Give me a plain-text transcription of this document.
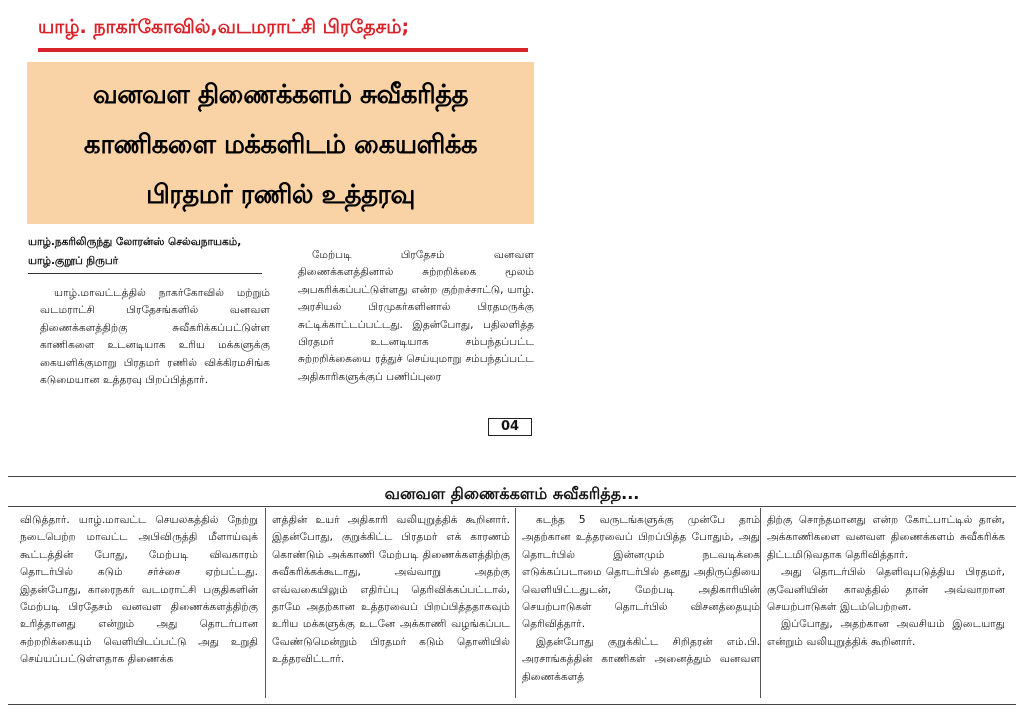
யாழ். நாகர்கோவில்,வடமராட்சி பிரதேசம்;
வனவள திணைக்களம் சுவீகரித்த
காணிகளை மக்களிடம் கையளிக்க
பிரதமர் ரணில் உத்தரவு
யாழ்.நகரிலிருந்து லோரன்ஸ் செல்வநாயகம், யாழ்.குறூப் நிருபர்
யாழ்.மாவட்டத்தில் நாகர்கோவில் மற்றும் வடமராட்சி பிரதேசங்களில் வனவள திணைக்களத்திற்கு சுவீகரிக்கப்பட்டுள்ள காணிகளை உடனடியாக உரிய மக்களுக்கு கையளிக்குமாறு பிரதமர் ரணில் விக்கிரமசிங்க கடுமையான உத்தரவு பிறப்பித்தார்.
மேற்படி பிரதேசம் வனவள திணைக்களத்தினால் சுற்றறிக்கை மூலம் அபகரிக்கப்பட்டுள்ளது என்ற குற்றச்சாட்டு, யாழ். அரசியல் பிரமுகர்களினால் பிரதமருக்கு சுட்டிக்காட்டப்பட்டது. இதன்போது, பதிலளித்த பிரதமர் உடனடியாக சம்பந்தப்பட்ட சுற்றறிக்கையை ரத்துச் செய்யுமாறு சம்பந்தப்பட்ட அதிகாரிகளுக்குப் பணிப்புரை
04
வனவள திணைக்களம் சுவீகரித்த...
விடுத்தார். யாழ்.மாவட்ட செயலகத்தில் நேற்று நடைபெற்ற மாவட்ட அபிவிருத்தி மீளாய்வுக் கூட்டத்தின் போது, மேற்படி விவகாரம் தொடர்பில் கடும் சர்ச்சை ஏற்பட்டது. இதன்போது, காரைநகர் வடமராட்சி பகுதிகளின் மேற்படி பிரதேசம் வனவள திணைக்களத்திற்கு உரித்தானது என்றும் அது தொடர்பான சுற்றறிக்கையும் வெளியிடப்பட்டு அது உறுதி செய்யப்பட்டுள்ளதாக திணைக்க
ளத்தின் உயர் அதிகாரி வலியுறுத்திக் கூறினார். இதன்போது, குறுக்கிட்ட பிரதமர் எக் காரணம் கொண்டும் அக்காணி மேற்படி திணைக்களத்திற்கு சுவீகரிக்கக்கூடாது, அவ்வாறு அதற்கு எவ்வகையிலும் எதிர்ப்பு தெரிவிக்கப்பட்டால், தாமே அதற்கான உத்தரவைப் பிறப்பித்ததாகவும் உரிய மக்களுக்கு உடனே அக்காணி வழங்கப்பட வேண்டுமென்றும் பிரதமர் கடும் தொனியில் உத்தரவிட்டார்.
கடந்த 5 வருடங்களுக்கு முன்பே தாம் அதற்கான உத்தரவைப் பிறப்பித்த போதும், அது தொடர்பில் இன்னமும் நடவடிக்கை எடுக்கப்படாமை தொடர்பில் தனது அதிருப்தியை வெளியிட்டதுடன், மேற்படி அதிகாரியின் செயற்பாடுகள் தொடர்பில் விசனத்தையும் தெரிவித்தார்.
இதன்போது குறுக்கிட்ட சிறிதரன் எம்.பி. அரசாங்கத்தின் காணிகள் அனைத்தும் வனவள திணைக்களத்
திற்கு சொந்தமானது என்ற கோட்பாட்டில் தான், அக்காணிகளை வனவள திணைக்களம் சுவீகரிக்க திட்டமிடுவதாக தெரிவித்தார்.
அது தொடர்பில் தெளிவுபடுத்திய பிரதமர், குவேனியின் காலத்தில் தான் அவ்வாறான செயற்பாடுகள் இடம்பெற்றன.
இப்போது, அதற்கான அவசியம் இடையாது என்றும் வலியுறுத்திக் கூறினார்.
